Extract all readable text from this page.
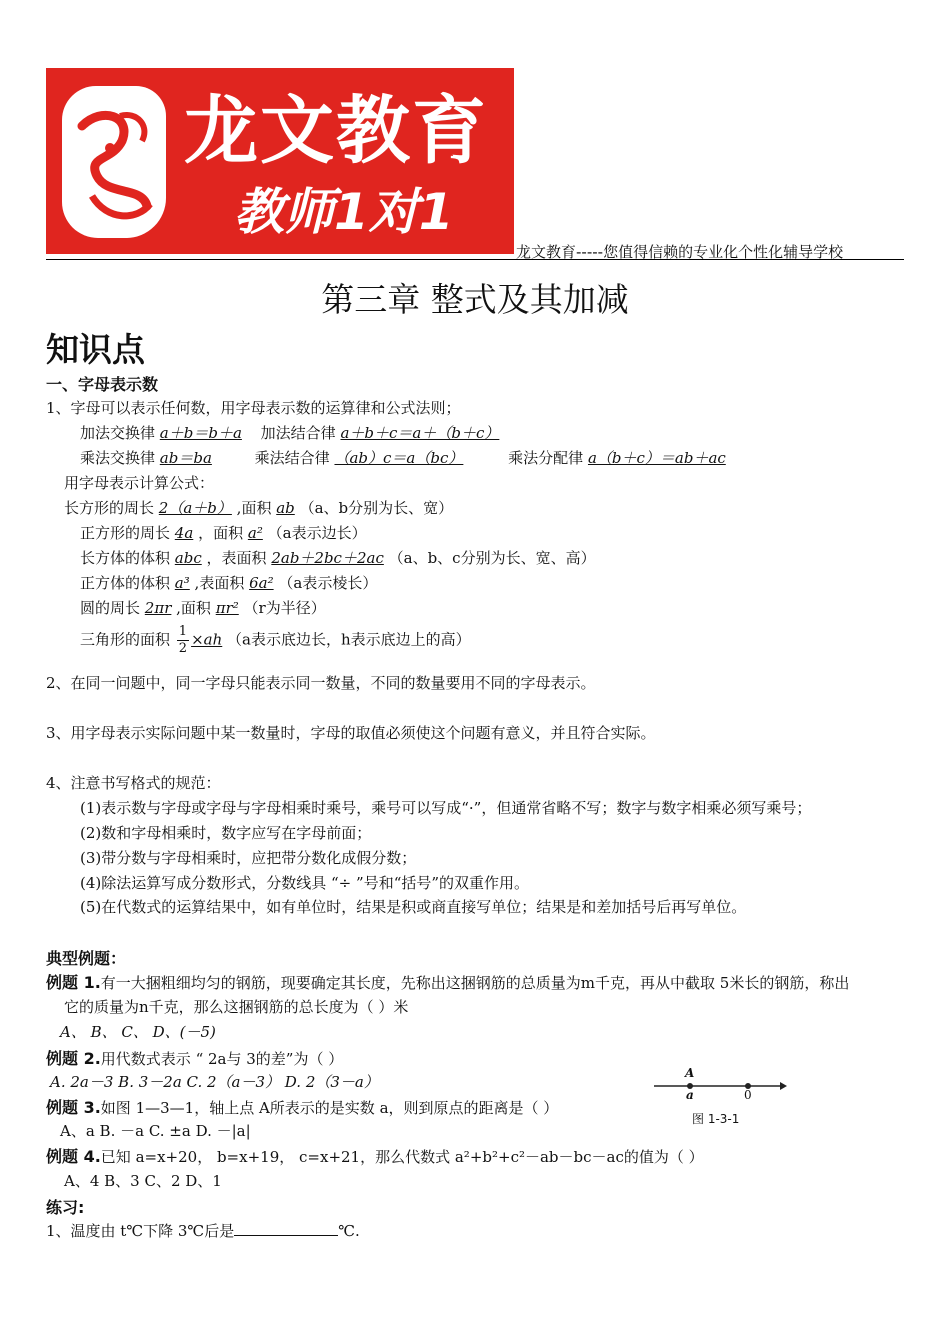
龙文教育
教师1对1
龙文教育-----您值得信赖的专业化个性化辅导学校
第三章 整式及其加减
知识点
一、字母表示数
1、字母可以表示任何数，用字母表示数的运算律和公式法则；
加法交换律 a＋b＝b＋a 加法结合律 a＋b＋c＝a＋（b＋c）
乘法交换律 ab＝ba	乘法结合律 （ab）c＝a（bc）	乘法分配律 a（b＋c）＝ab＋ac
用字母表示计算公式：
长方形的周长 2（a＋b） ,面积 ab （a、b分别为长、宽）
正方形的周长 4a ，面积 a² （a表示边长）
长方体的体积 abc ，表面积 2ab＋2bc＋2ac （a、b、c分别为长、宽、高）
正方体的体积 a³ ,表面积 6a² （a表示棱长）
圆的周长 2πr ,面积 πr² （r为半径）
三角形的面积 $\frac{1}{2} \times ah$ （a表示底边长，h表示底边上的高）
2、在同一问题中，同一字母只能表示同一数量，不同的数量要用不同的字母表示。
3、用字母表示实际问题中某一数量时，字母的取值必须使这个问题有意义，并且符合实际。
4、注意书写格式的规范：
(1)表示数与字母或字母与字母相乘时乘号，乘号可以写成“·”，但通常省略不写；数字与数字相乘必须写乘号；
(2)数和字母相乘时，数字应写在字母前面；
(3)带分数与字母相乘时，应把带分数化成假分数；
(4)除法运算写成分数形式，分数线具 “÷ ”号和“括号”的双重作用。
(5)在代数式的运算结果中，如有单位时，结果是积或商直接写单位；结果是和差加括号后再写单位。
典型例题：
例题 1.有一大捆粗细均匀的钢筋，现要确定其长度，先称出这捆钢筋的总质量为m千克，再从中截取 5米长的钢筋，称出
它的质量为n千克，那么这捆钢筋的总长度为（ ）米
A、 B、 C、 D、(－5)
例题 2.用代数式表示 “ 2a与 3的差”为（ ）
A. 2a－3 B. 3－2a C. 2（a－3） D. 2（3－a）
例题 3.如图 1—3—1，轴上点 A所表示的是实数 a，则到原点的距离是（ ）
A、a B. －a C. ±a D. －|a|
A
a	0
图 1-3-1
例题 4.已知 a=x+20， b=x+19， c=x+21，那么代数式 a²+b²+c²－ab－bc－ac的值为（ ）
A、4 B、3 C、2 D、1
练习:
1、温度由 t℃下降 3℃后是	℃.
